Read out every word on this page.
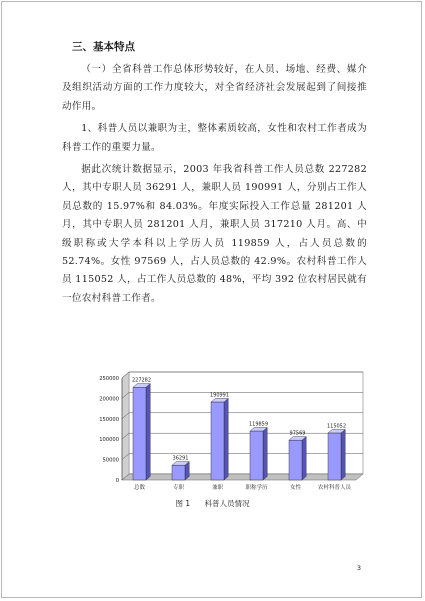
三、基本特点

（一）全省科普工作总体形势较好，在人员、场地、经费、媒介及组织活动方面的工作力度较大，对全省经济社会发展起到了间接推动作用。

1、科普人员以兼职为主，整体素质较高，女性和农村工作者成为科普工作的重要力量。

据此次统计数据显示，2003 年我省科普工作人员总数 227282 人，其中专职人员 36291 人，兼职人员 190991 人，分别占工作人员总数的 15.97%和 84.03%。年度实际投入工作总量 281201 人月，其中专职人员 281201 人月，兼职人员 317210 人月。高、中级职称或大学本科以上学历人员 119859 人，占人员总数的 52.74%。女性 97569 人，占人员总数的 42.9%。农村科普工作人员 115052 人，占工作人员总数的 48%，平均 392 位农村居民就有一位农村科普工作者。

0
50000
100000
150000
200000
250000	227282
总数
36291
专职
190991
兼职
119859
职称学历
97569
女性
115052
农村科普人员
图 1 科普人员情况
3
